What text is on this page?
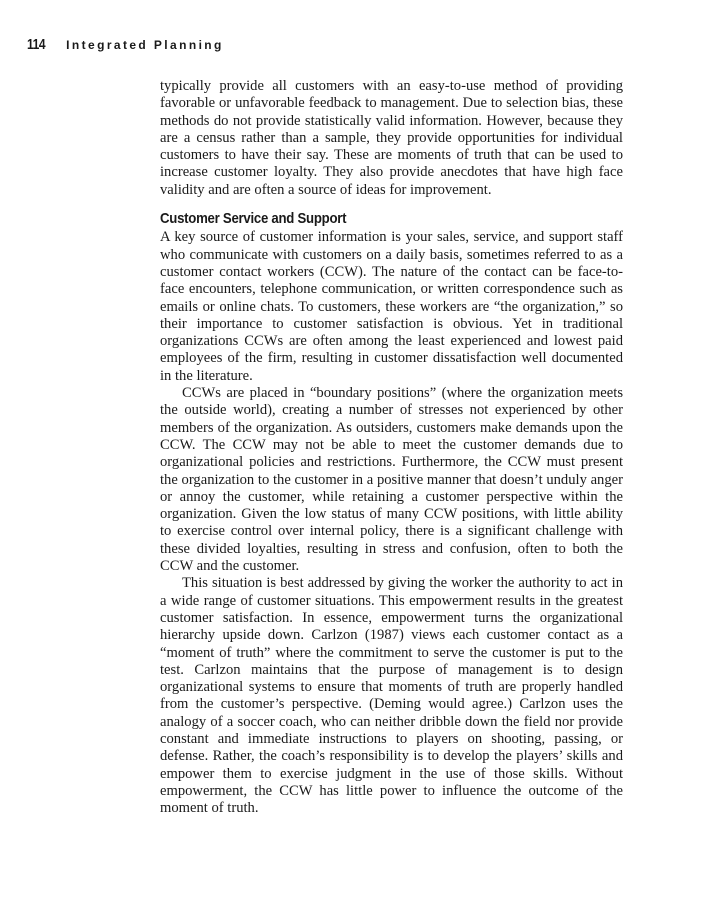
114 Integrated Planning

typically provide all customers with an easy-to-use method of providing favorable or unfavorable feedback to management. Due to selection bias, these methods do not provide statistically valid information. However, because they are a census rather than a sample, they provide opportunities for individual customers to have their say. These are moments of truth that can be used to increase customer loyalty. They also provide anecdotes that have high face validity and are often a source of ideas for improvement.

Customer Service and Support

A key source of customer information is your sales, service, and support staff who communicate with customers on a daily basis, sometimes referred to as a customer contact workers (CCW). The nature of the contact can be face-to-face encounters, telephone communication, or written correspondence such as emails or online chats. To customers, these workers are “the organization,” so their importance to customer satisfaction is obvious. Yet in traditional organizations CCWs are often among the least experienced and lowest paid employees of the firm, resulting in customer dissatisfaction well documented in the literature.

CCWs are placed in “boundary positions” (where the organization meets the outside world), creating a number of stresses not experienced by other members of the organization. As outsiders, customers make demands upon the CCW. The CCW may not be able to meet the customer demands due to organizational policies and restrictions. Furthermore, the CCW must present the organization to the customer in a positive manner that doesn’t unduly anger or annoy the customer, while retaining a customer perspective within the organization. Given the low status of many CCW positions, with little ability to exercise control over internal policy, there is a significant challenge with these divided loyalties, resulting in stress and confusion, often to both the CCW and the customer.

This situation is best addressed by giving the worker the authority to act in a wide range of customer situations. This empowerment results in the greatest customer satisfaction. In essence, empowerment turns the organizational hierarchy upside down. Carlzon (1987) views each customer contact as a “moment of truth” where the commitment to serve the customer is put to the test. Carlzon maintains that the purpose of management is to design organizational systems to ensure that moments of truth are properly handled from the customer’s perspective. (Deming would agree.) Carlzon uses the analogy of a soccer coach, who can neither dribble down the field nor provide constant and immediate instructions to players on shooting, passing, or defense. Rather, the coach’s responsibility is to develop the players’ skills and empower them to exercise judgment in the use of those skills. Without empowerment, the CCW has little power to influence the outcome of the moment of truth.
